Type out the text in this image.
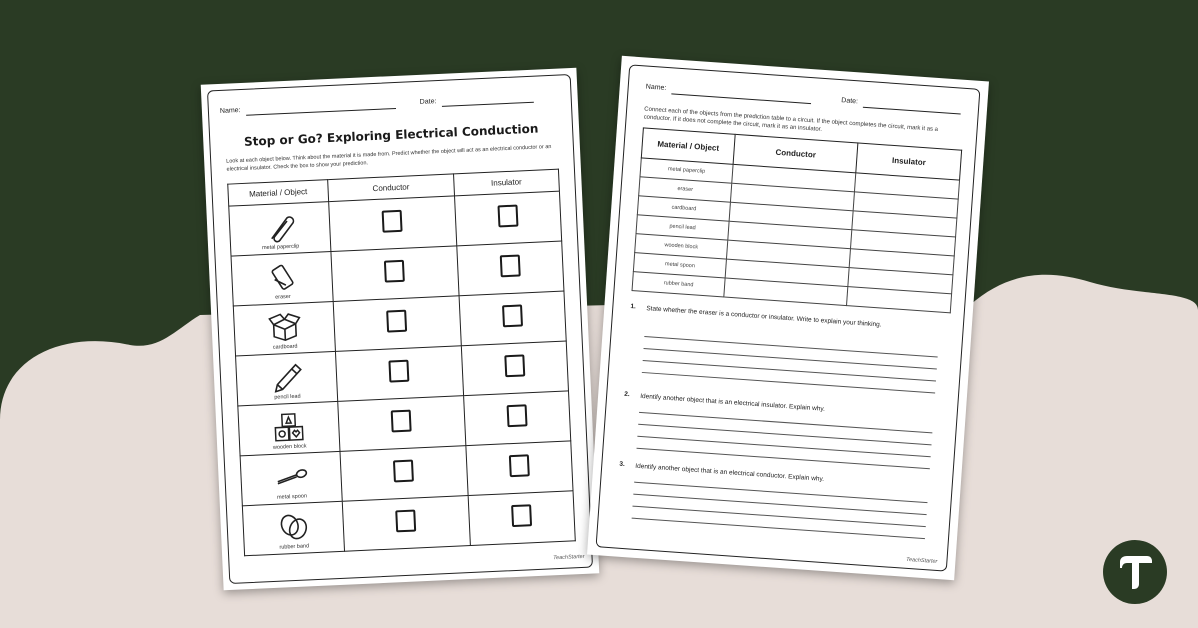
Name:
Date:
Stop or Go? Exploring Electrical Conduction
Look at each object below. Think about the material it is made from. Predict whether the object will act as an electrical conductor or an electrical insulator. Check the box to show your prediction.
Material / Object	Conductor	Insulator

metal paperclip		

eraser		

cardboard		

pencil lead		

wooden block		

metal spoon		

rubber band		

TeachStarter
Name:
Date:
Connect each of the objects from the prediction table to a circuit. If the object completes the circuit, mark it as a conductor. If it does not complete the circuit, mark it as an insulator.
Material / Object	Conductor	Insulator
metal paperclip		
eraser		
cardboard		
pencil lead		
wooden block		
metal spoon		
rubber band		
1. State whether the eraser is a conductor or insulator. Write to explain your thinking.
2. Identify another object that is an electrical insulator. Explain why.
3. Identify another object that is an electrical conductor. Explain why.
TeachStarter
